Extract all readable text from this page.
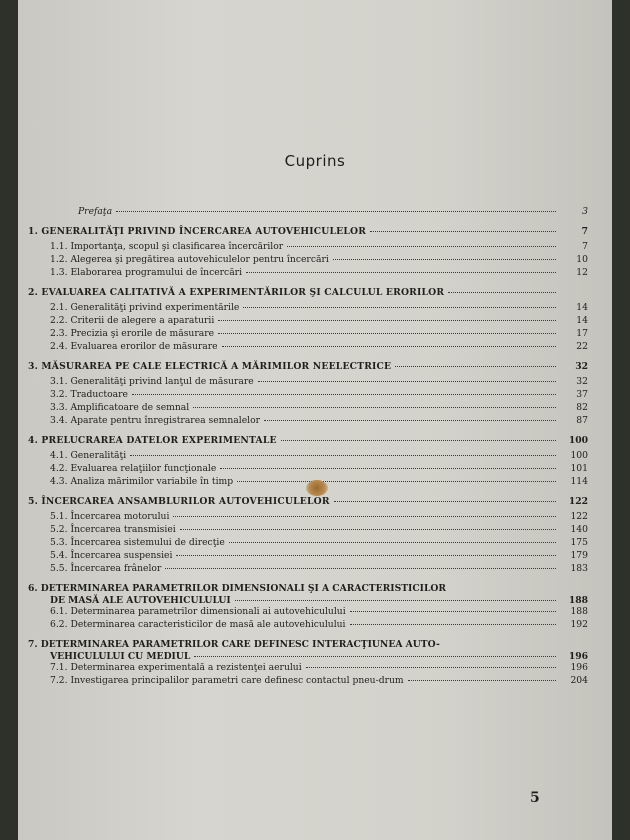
Cuprins
Prefaţa	3
1. GENERALITĂŢI PRIVIND ÎNCERCAREA AUTOVEHICULELOR	7
1.1. Importanţa, scopul şi clasificarea încercărilor	7
1.2. Alegerea şi pregătirea autovehiculelor pentru încercări	10
1.3. Elaborarea programului de încercări	12
2. EVALUAREA CALITATIVĂ A EXPERIMENTĂRILOR ŞI CALCULUL ERORILOR
2.1. Generalităţi privind experimentările	14
2.2. Criterii de alegere a aparaturii	14
2.3. Precizia şi erorile de măsurare	17
2.4. Evaluarea erorilor de măsurare	22
3. MĂSURAREA PE CALE ELECTRICĂ A MĂRIMILOR NEELECTRICE	32
3.1. Generalităţi privind lanţul de măsurare	32
3.2. Traductoare	37
3.3. Amplificatoare de semnal	82
3.4. Aparate pentru înregistrarea semnalelor	87
4. PRELUCRAREA DATELOR EXPERIMENTALE	100
4.1. Generalităţi	100
4.2. Evaluarea relaţiilor funcţionale	101
4.3. Analiza mărimilor variabile în timp	114
5. ÎNCERCAREA ANSAMBLURILOR AUTOVEHICULELOR	122
5.1. Încercarea motorului	122
5.2. Încercarea transmisiei	140
5.3. Încercarea sistemului de direcţie	175
5.4. Încercarea suspensiei	179
5.5. Încercarea frânelor	183
6. DETERMINAREA PARAMETRILOR DIMENSIONALI ŞI A CARACTERISTICILOR
DE MASĂ ALE AUTOVEHICULULUI	188
6.1. Determinarea parametrilor dimensionali ai autovehiculului	188
6.2. Determinarea caracteristicilor de masă ale autovehiculului	192
7. DETERMINAREA PARAMETRILOR CARE DEFINESC INTERACŢIUNEA AUTO-
VEHICULULUI CU MEDIUL	196
7.1. Determinarea experimentală a rezistenţei aerului	196
7.2. Investigarea principalilor parametri care definesc contactul pneu-drum	204
5
